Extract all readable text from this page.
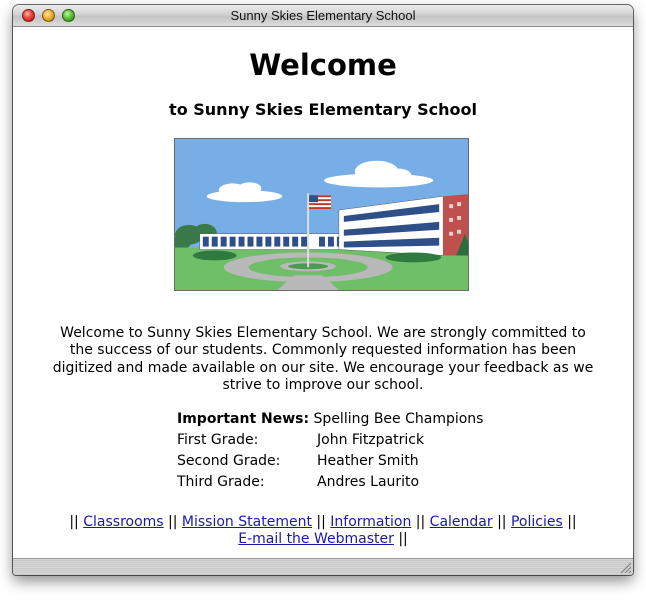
Sunny Skies Elementary School
Welcome
to Sunny Skies Elementary School
Welcome to Sunny Skies Elementary School. We are strongly committed to the success of our students. Commonly requested information has been digitized and made available on our site. We encourage your feedback as we strive to improve our school.
Important News: Spelling Bee Champions
First Grade:	John Fitzpatrick
Second Grade:	Heather Smith
Third Grade:	Andres Laurito
|| Classrooms || Mission Statement || Information || Calendar || Policies ||
E-mail the Webmaster ||
